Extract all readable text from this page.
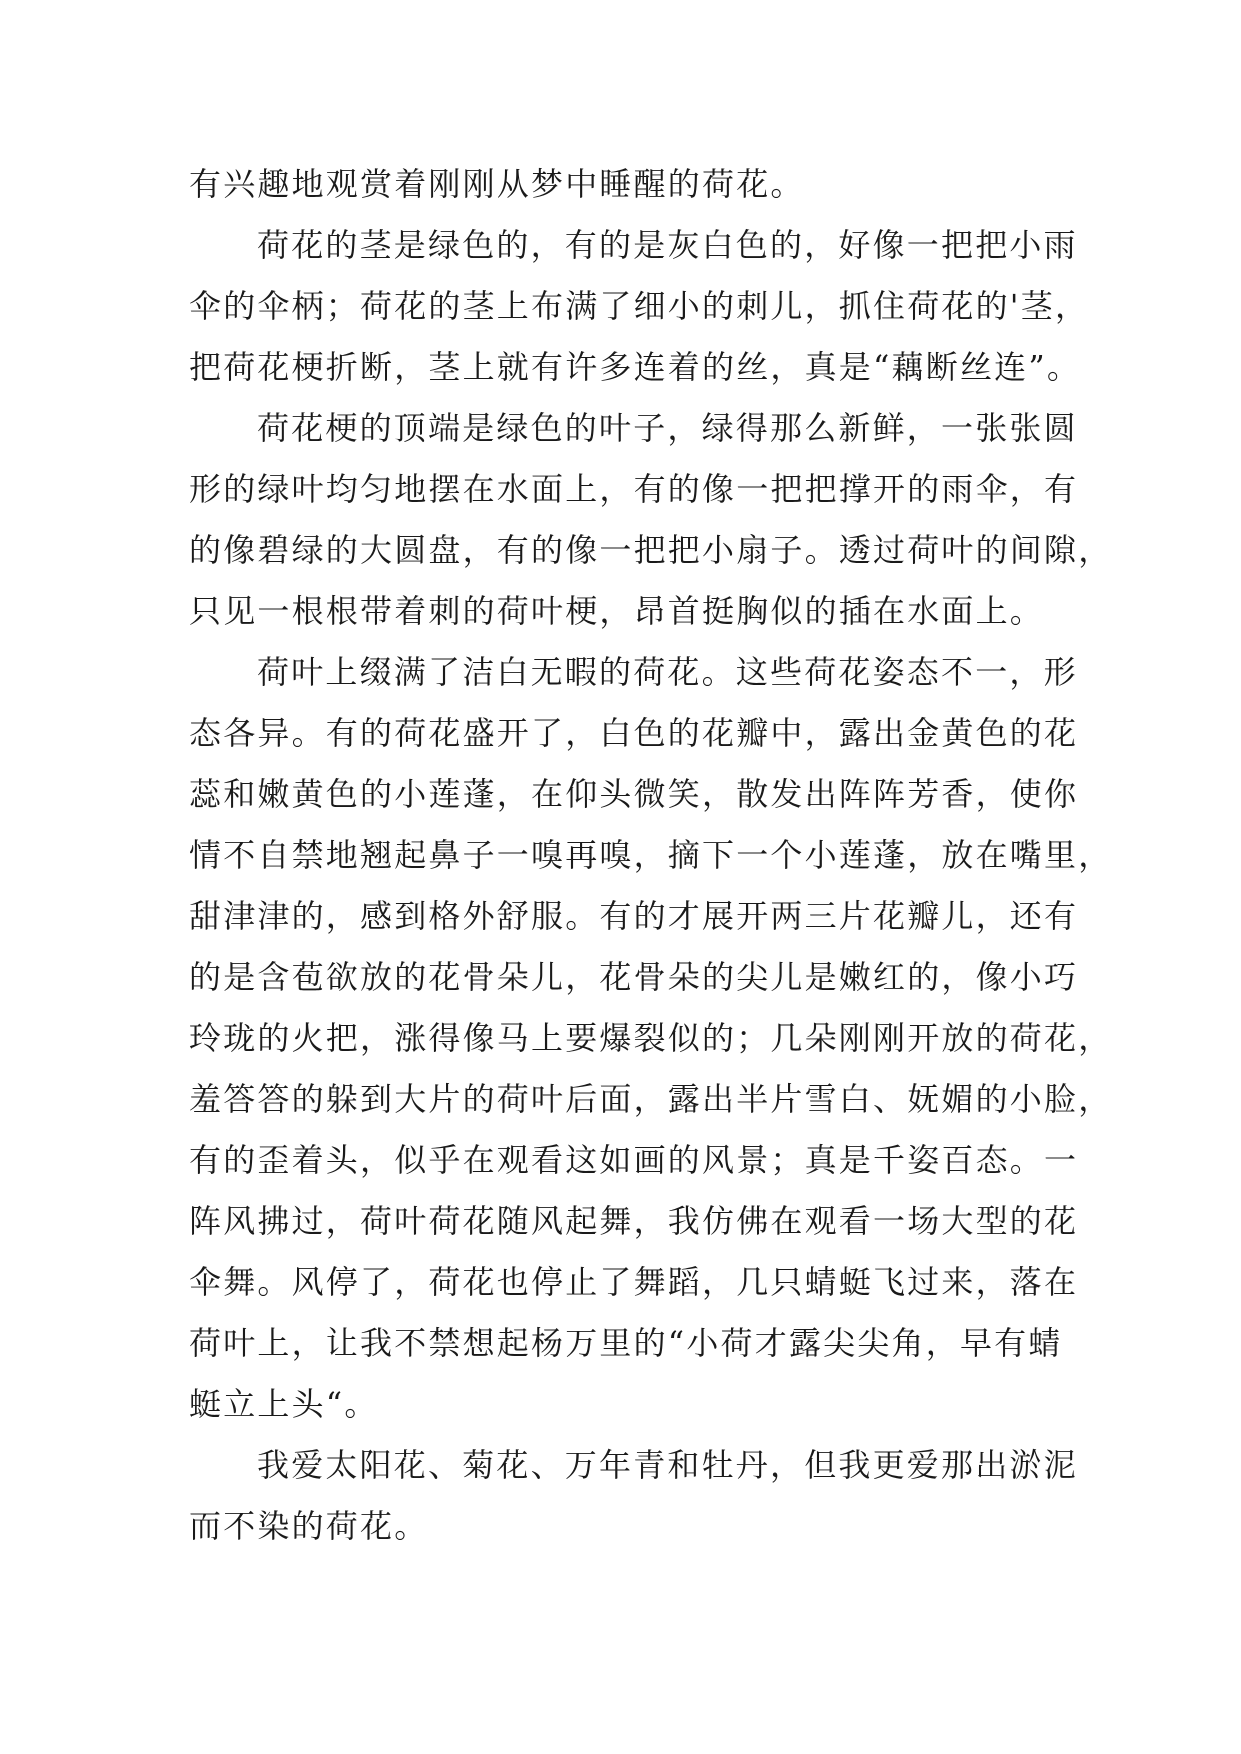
有兴趣地观赏着刚刚从梦中睡醒的荷花。
荷花的茎是绿色的，有的是灰白色的，好像一把把小雨
伞的伞柄；荷花的茎上布满了细小的刺儿，抓住荷花的'茎，
把荷花梗折断，茎上就有许多连着的丝，真是“藕断丝连”。
荷花梗的顶端是绿色的叶子，绿得那么新鲜，一张张圆
形的绿叶均匀地摆在水面上，有的像一把把撑开的雨伞，有
的像碧绿的大圆盘，有的像一把把小扇子。透过荷叶的间隙，
只见一根根带着刺的荷叶梗，昂首挺胸似的插在水面上。
荷叶上缀满了洁白无暇的荷花。这些荷花姿态不一，形
态各异。有的荷花盛开了，白色的花瓣中，露出金黄色的花
蕊和嫩黄色的小莲蓬，在仰头微笑，散发出阵阵芳香，使你
情不自禁地翘起鼻子一嗅再嗅，摘下一个小莲蓬，放在嘴里，
甜津津的，感到格外舒服。有的才展开两三片花瓣儿，还有
的是含苞欲放的花骨朵儿，花骨朵的尖儿是嫩红的，像小巧
玲珑的火把，涨得像马上要爆裂似的；几朵刚刚开放的荷花，
羞答答的躲到大片的荷叶后面，露出半片雪白、妩媚的小脸，
有的歪着头，似乎在观看这如画的风景；真是千姿百态。一
阵风拂过，荷叶荷花随风起舞，我仿佛在观看一场大型的花
伞舞。风停了，荷花也停止了舞蹈，几只蜻蜓飞过来，落在
荷叶上，让我不禁想起杨万里的“小荷才露尖尖角，早有蜻
蜓立上头“。
我爱太阳花、菊花、万年青和牡丹，但我更爱那出淤泥
而不染的荷花。
